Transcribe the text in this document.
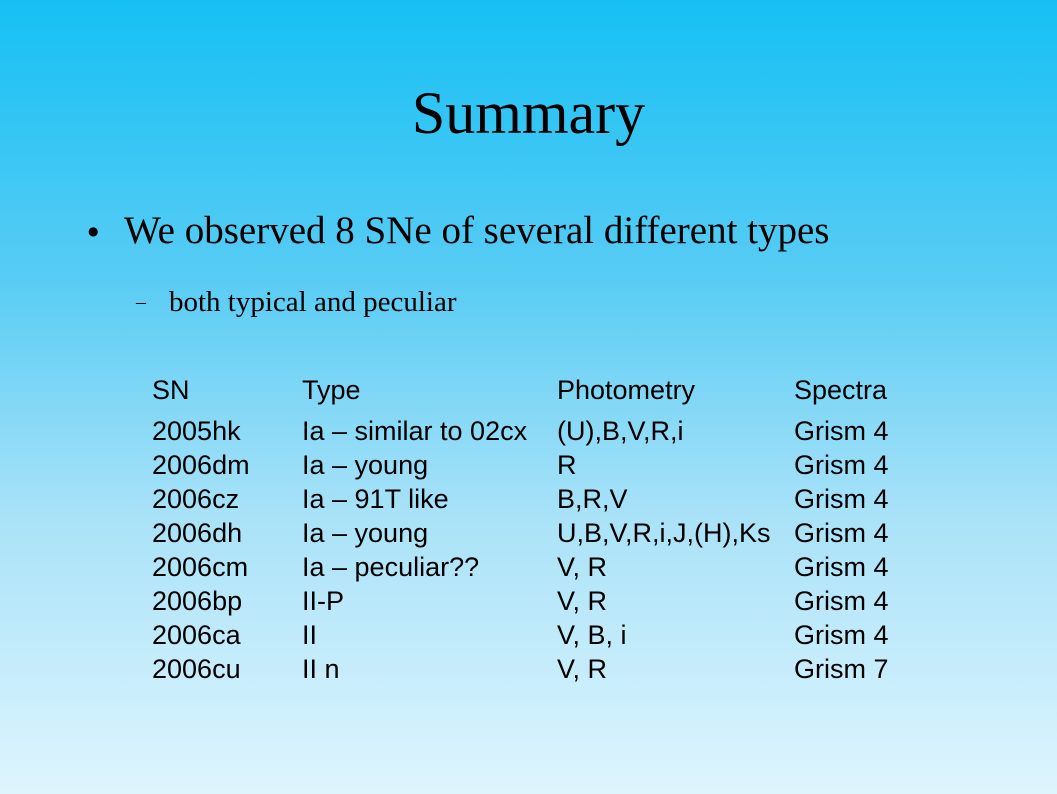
Summary
● We observed 8 SNe of several different types
– both typical and peculiar
SN	Type	Photometry	Spectra

2005hk	Ia – similar to 02cx	(U),B,V,R,i	Grism 4
2006dm	Ia – young	R	Grism 4
2006cz	Ia – 91T like	B,R,V	Grism 4
2006dh	Ia – young	U,B,V,R,i,J,(H),Ks	Grism 4
2006cm	Ia – peculiar??	V, R	Grism 4
2006bp	II-P	V, R	Grism 4
2006ca	II	V, B, i	Grism 4
2006cu	II n	V, R	Grism 7
